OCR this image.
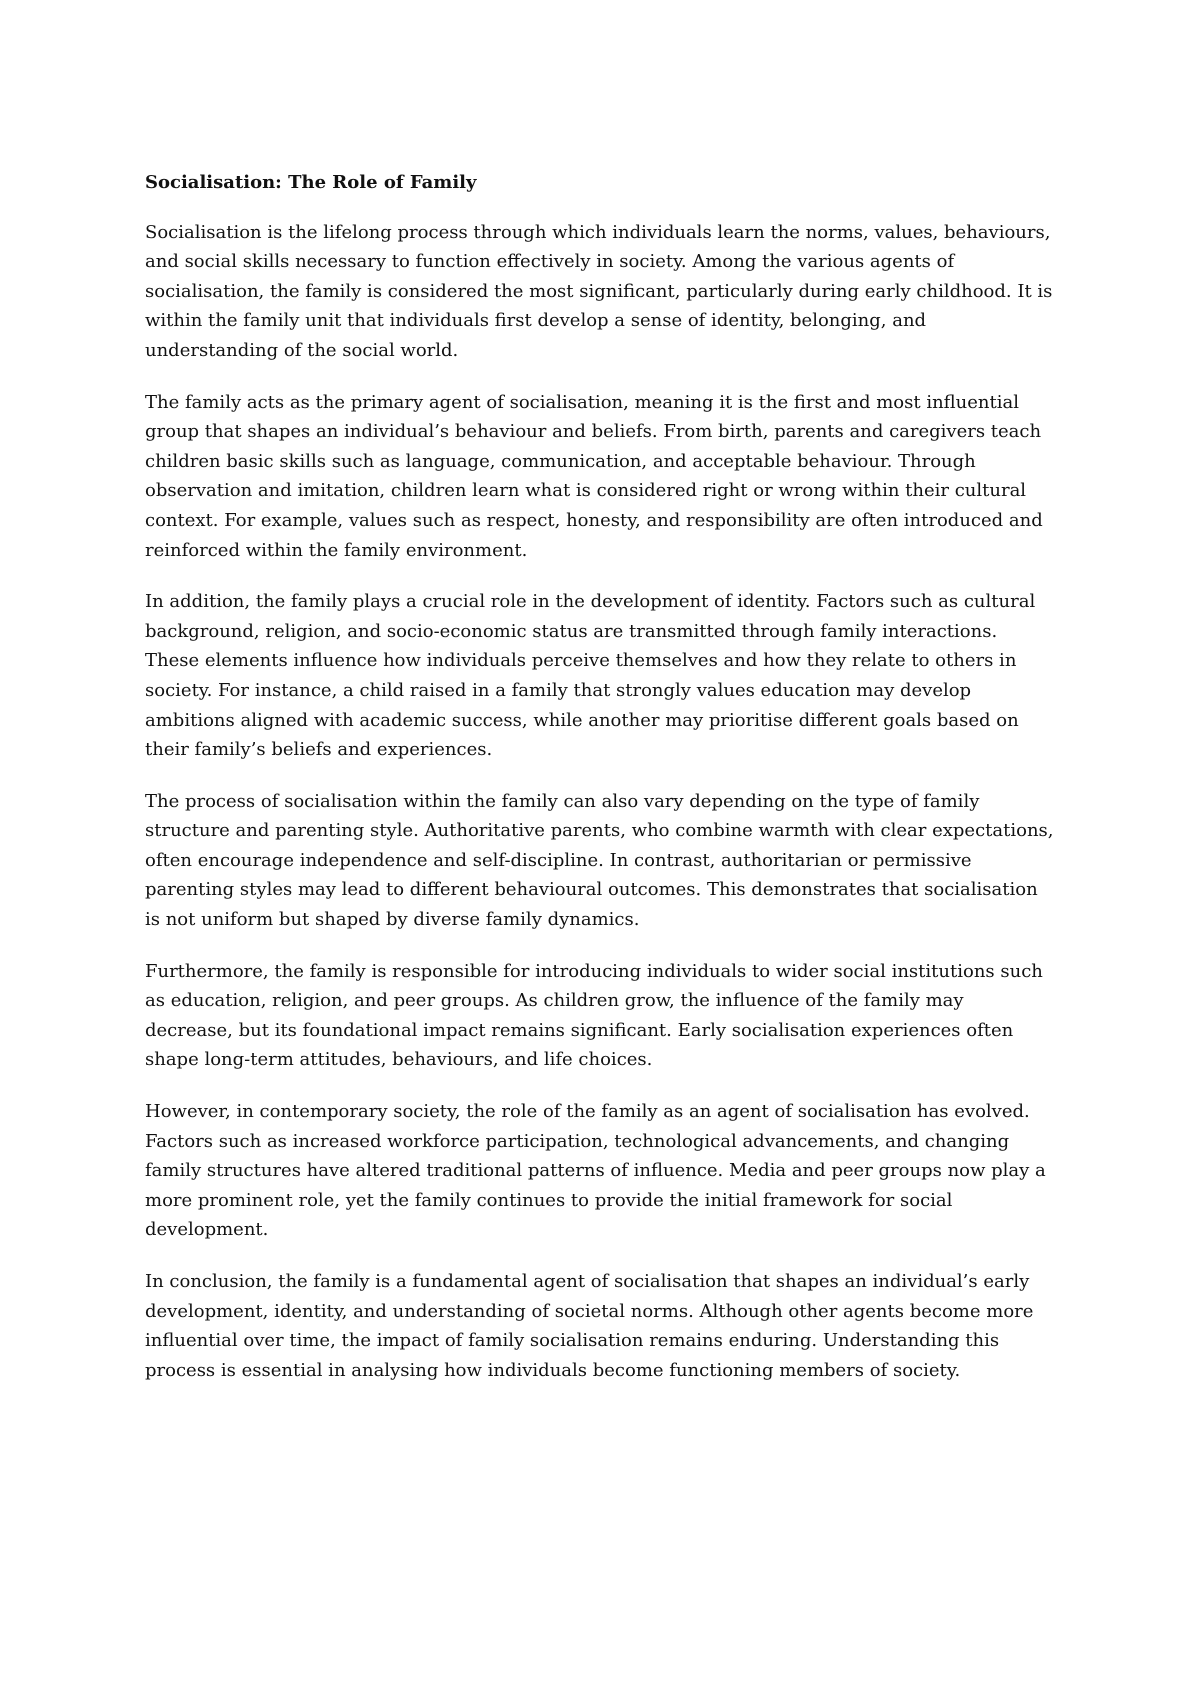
Socialisation: The Role of Family

Socialisation is the lifelong process through which individuals learn the norms, values, behaviours, and social skills necessary to function effectively in society. Among the various agents of socialisation, the family is considered the most significant, particularly during early childhood. It is within the family unit that individuals first develop a sense of identity, belonging, and understanding of the social world.

The family acts as the primary agent of socialisation, meaning it is the first and most influential group that shapes an individual’s behaviour and beliefs. From birth, parents and caregivers teach children basic skills such as language, communication, and acceptable behaviour. Through observation and imitation, children learn what is considered right or wrong within their cultural context. For example, values such as respect, honesty, and responsibility are often introduced and reinforced within the family environment.

In addition, the family plays a crucial role in the development of identity. Factors such as cultural background, religion, and socio-economic status are transmitted through family interactions. These elements influence how individuals perceive themselves and how they relate to others in society. For instance, a child raised in a family that strongly values education may develop ambitions aligned with academic success, while another may prioritise different goals based on their family’s beliefs and experiences.

The process of socialisation within the family can also vary depending on the type of family structure and parenting style. Authoritative parents, who combine warmth with clear expectations, often encourage independence and self-discipline. In contrast, authoritarian or permissive parenting styles may lead to different behavioural outcomes. This demonstrates that socialisation is not uniform but shaped by diverse family dynamics.

Furthermore, the family is responsible for introducing individuals to wider social institutions such as education, religion, and peer groups. As children grow, the influence of the family may decrease, but its foundational impact remains significant. Early socialisation experiences often shape long-term attitudes, behaviours, and life choices.

However, in contemporary society, the role of the family as an agent of socialisation has evolved. Factors such as increased workforce participation, technological advancements, and changing family structures have altered traditional patterns of influence. Media and peer groups now play a more prominent role, yet the family continues to provide the initial framework for social development.

In conclusion, the family is a fundamental agent of socialisation that shapes an individual’s early development, identity, and understanding of societal norms. Although other agents become more influential over time, the impact of family socialisation remains enduring. Understanding this process is essential in analysing how individuals become functioning members of society.
